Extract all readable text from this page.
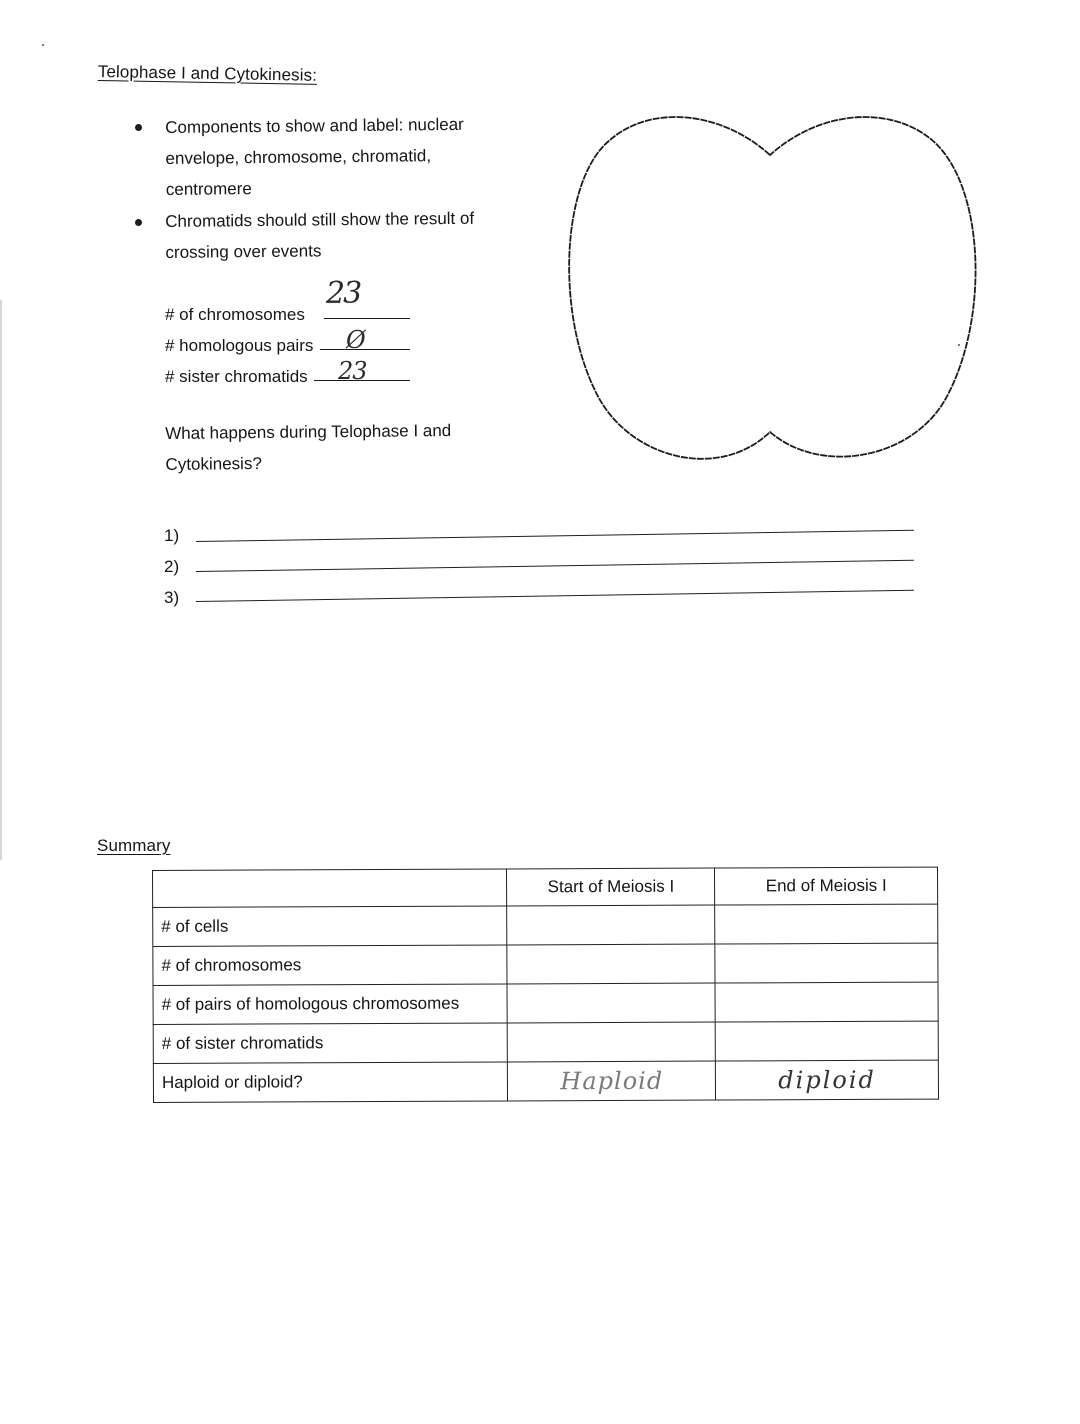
Telophase I and Cytokinesis:
Components to show and label: nuclear
envelope, chromosome, chromatid,
centromere
Chromatids should still show the result of
crossing over events
# of chromosomes
23
# homologous pairs Ø
# sister chromatids 23
What happens during Telophase I and
Cytokinesis?
1)
2)
3)
Summary
	Start of Meiosis I	End of Meiosis I
# of cells		
# of chromosomes		
# of pairs of homologous chromosomes		
# of sister chromatids		
Haploid or diploid?	Haploid	diploid
